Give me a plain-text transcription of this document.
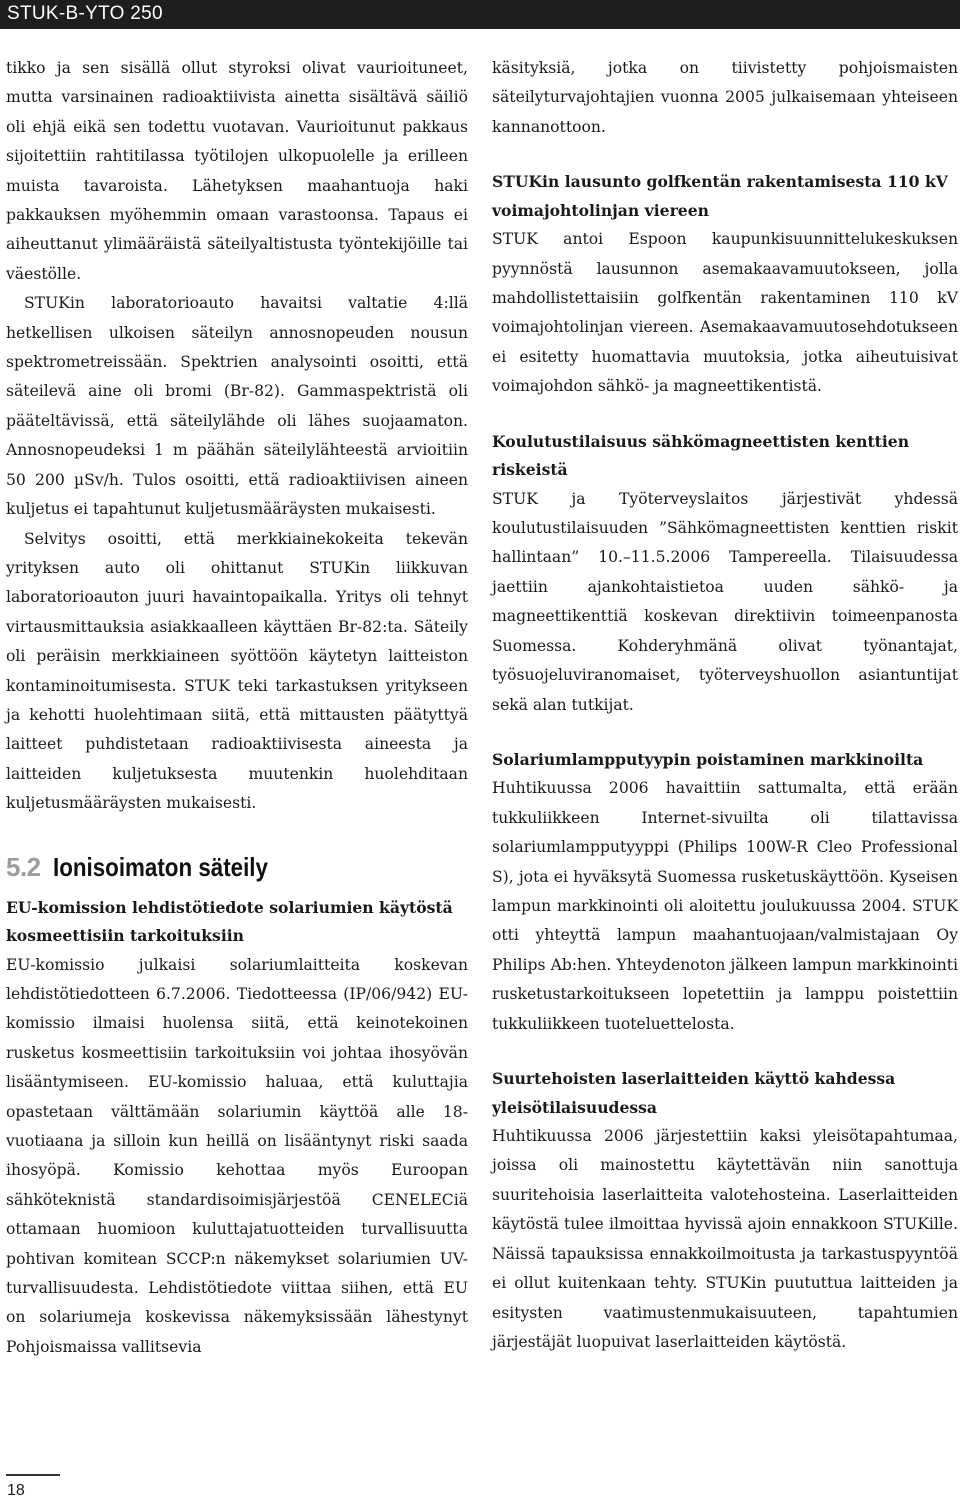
STUK-B-YTO 250

tikko ja sen sisällä ollut styroksi olivat vaurioituneet, mutta varsinainen radioaktiivista ainetta sisältävä säiliö oli ehjä eikä sen todettu vuotavan. Vaurioitunut pakkaus sijoitettiin rahtitilassa työtilojen ulkopuolelle ja erilleen muista tavaroista. Lähetyksen maahantuoja haki pakkauksen myöhemmin omaan varastoonsa. Tapaus ei aiheuttanut ylimääräistä säteilyaltistusta työntekijöille tai väestölle.

STUKin laboratorioauto havaitsi valtatie 4:llä hetkellisen ulkoisen säteilyn annosnopeuden nousun spektrometreissään. Spektrien analysointi osoitti, että säteilevä aine oli bromi (Br-82). Gammaspektristä oli pääteltävissä, että säteilylähde oli lähes suojaamaton. Annosnopeudeksi 1 m päähän säteilylähteestä arvioitiin 50 200 µSv/h. Tulos osoitti, että radioaktiivisen aineen kuljetus ei tapahtunut kuljetusmääräysten mukaisesti.

Selvitys osoitti, että merkkiainekokeita tekevän yrityksen auto oli ohittanut STUKin liikkuvan laboratorioauton juuri havaintopaikalla. Yritys oli tehnyt virtausmittauksia asiakkaalleen käyttäen Br-82:ta. Säteily oli peräisin merkkiaineen syöttöön käytetyn laitteiston kontaminoitumisesta. STUK teki tarkastuksen yritykseen ja kehotti huolehtimaan siitä, että mittausten päätyttyä laitteet puhdistetaan radioaktiivisesta aineesta ja laitteiden kuljetuksesta muutenkin huolehditaan kuljetusmääräysten mukaisesti.

5.2 Ionisoimaton säteily
EU-komission lehdistötiedote solariumien käytöstä kosmeettisiin tarkoituksiin

EU-komissio julkaisi solariumlaitteita koskevan lehdistötiedotteen 6.7.2006. Tiedotteessa (IP/06/942) EU-komissio ilmaisi huolensa siitä, että keinotekoinen rusketus kosmeettisiin tarkoituksiin voi johtaa ihosyövän lisääntymiseen. EU-komissio haluaa, että kuluttajia opastetaan välttämään solariumin käyttöä alle 18-vuotiaana ja silloin kun heillä on lisääntynyt riski saada ihosyöpä. Komissio kehottaa myös Euroopan sähköteknistä standardisoimisjärjestöä CENELECiä ottamaan huomioon kuluttajatuotteiden turvallisuutta pohtivan komitean SCCP:n näkemykset solariumien UV-turvallisuudesta. Lehdistötiedote viittaa siihen, että EU on solariumeja koskevissa näkemyksissään lähestynyt Pohjoismaissa vallitsevia

käsityksiä, jotka on tiivistetty pohjoismaisten säteilyturvajohtajien vuonna 2005 julkaisemaan yhteiseen kannanottoon.

STUKin lausunto golfkentän rakentamisesta 110 kV voimajohtolinjan viereen

STUK antoi Espoon kaupunkisuunnittelukeskuksen pyynnöstä lausunnon asemakaavamuutokseen, jolla mahdollistettaisiin golfkentän rakentaminen 110 kV voimajohtolinjan viereen. Asemakaavamuutosehdotukseen ei esitetty huomattavia muutoksia, jotka aiheutuisivat voimajohdon sähkö- ja magneettikentistä.

Koulutustilaisuus sähkömagneettisten kenttien riskeistä

STUK ja Työterveyslaitos järjestivät yhdessä koulutustilaisuuden ”Sähkömagneettisten kenttien riskit hallintaan” 10.–11.5.2006 Tampereella. Tilaisuudessa jaettiin ajankohtaistietoa uuden sähkö- ja magneettikenttiä koskevan direktiivin toimeenpanosta Suomessa. Kohderyhmänä olivat työnantajat, työsuojeluviranomaiset, työterveyshuollon asiantuntijat sekä alan tutkijat.

Solariumlampputyypin poistaminen markkinoilta

Huhtikuussa 2006 havaittiin sattumalta, että erään tukkuliikkeen Internet-sivuilta oli tilattavissa solariumlampputyyppi (Philips 100W-R Cleo Professional S), jota ei hyväksytä Suomessa rusketuskäyttöön. Kyseisen lampun markkinointi oli aloitettu joulukuussa 2004. STUK otti yhteyttä lampun maahantuojaan/valmistajaan Oy Philips Ab:hen. Yhteydenoton jälkeen lampun markkinointi rusketustarkoitukseen lopetettiin ja lamppu poistettiin tukkuliikkeen tuoteluettelosta.

Suurtehoisten laserlaitteiden käyttö kahdessa yleisötilaisuudessa

Huhtikuussa 2006 järjestettiin kaksi yleisötapahtumaa, joissa oli mainostettu käytettävän niin sanottuja suuritehoisia laserlaitteita valotehosteina. Laserlaitteiden käytöstä tulee ilmoittaa hyvissä ajoin ennakkoon STUKille. Näissä tapauksissa ennakkoilmoitusta ja tarkastuspyyntöä ei ollut kuitenkaan tehty. STUKin puututtua laitteiden ja esitysten vaatimustenmukaisuuteen, tapahtumien järjestäjät luopuivat laserlaitteiden käytöstä.

18
